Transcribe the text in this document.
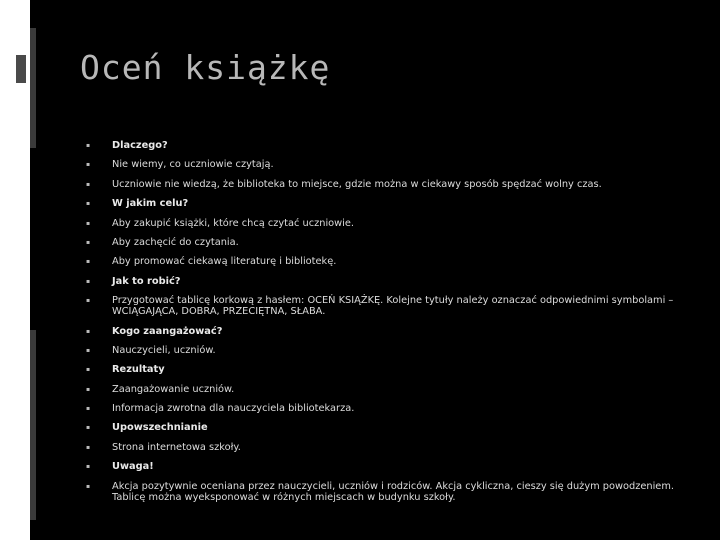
Oceń książkę
▪	Dlaczego?
▪	Nie wiemy, co uczniowie czytają.
▪	Uczniowie nie wiedzą, że biblioteka to miejsce, gdzie można w ciekawy sposób spędzać wolny czas.
▪	W jakim celu?
▪	Aby zakupić książki, które chcą czytać uczniowie.
▪	Aby zachęcić do czytania.
▪	Aby promować ciekawą literaturę i bibliotekę.
▪	Jak to robić?
▪	Przygotować tablicę korkową z hasłem: OCEŃ KSIĄŻKĘ. Kolejne tytuły należy oznaczać odpowiednimi symbolami – WCIĄGAJĄCA, DOBRA, PRZECIĘTNA, SŁABA.
▪	Kogo zaangażować?
▪	Nauczycieli, uczniów.
▪	Rezultaty
▪	Zaangażowanie uczniów.
▪	Informacja zwrotna dla nauczyciela bibliotekarza.
▪	Upowszechnianie
▪	Strona internetowa szkoły.
▪	Uwaga!
▪	Akcja pozytywnie oceniana przez nauczycieli, uczniów i rodziców. Akcja cykliczna, cieszy się dużym powodzeniem. Tablicę można wyeksponować w różnych miejscach w budynku szkoły.
